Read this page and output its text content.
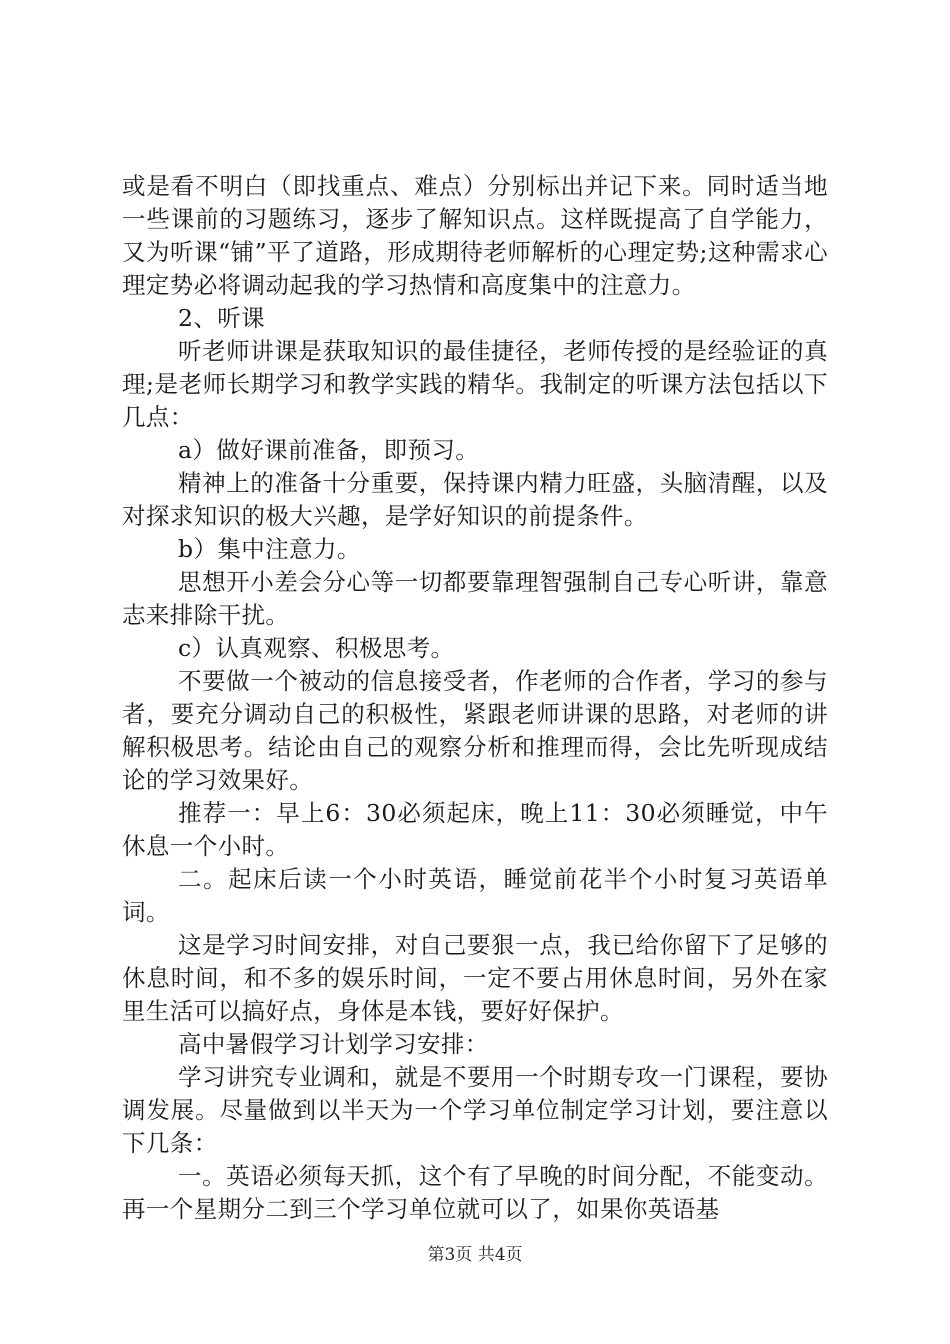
或是看不明白（即找重点、难点）分别标出并记下来。同时适当地一些课前的习题练习，逐步了解知识点。这样既提高了自学能力，又为听课“铺”平了道路，形成期待老师解析的心理定势;这种需求心理定势必将调动起我的学习热情和高度集中的注意力。

2、听课

听老师讲课是获取知识的最佳捷径，老师传授的是经验证的真理;是老师长期学习和教学实践的精华。我制定的听课方法包括以下几点：

a）做好课前准备，即预习。

精神上的准备十分重要，保持课内精力旺盛，头脑清醒，以及对探求知识的极大兴趣，是学好知识的前提条件。

b）集中注意力。

思想开小差会分心等一切都要靠理智强制自己专心听讲，靠意志来排除干扰。

c）认真观察、积极思考。

不要做一个被动的信息接受者，作老师的合作者，学习的参与者，要充分调动自己的积极性，紧跟老师讲课的思路，对老师的讲解积极思考。结论由自己的观察分析和推理而得，会比先听现成结论的学习效果好。

推荐一：早上6：30必须起床，晚上11：30必须睡觉，中午休息一个小时。

二。起床后读一个小时英语，睡觉前花半个小时复习英语单词。

这是学习时间安排，对自己要狠一点，我已给你留下了足够的休息时间，和不多的娱乐时间，一定不要占用休息时间，另外在家里生活可以搞好点，身体是本钱，要好好保护。

高中暑假学习计划学习安排：

学习讲究专业调和，就是不要用一个时期专攻一门课程，要协调发展。尽量做到以半天为一个学习单位制定学习计划，要注意以下几条：

一。英语必须每天抓，这个有了早晚的时间分配，不能变动。再一个星期分二到三个学习单位就可以了，如果你英语基

第3页 共4页
